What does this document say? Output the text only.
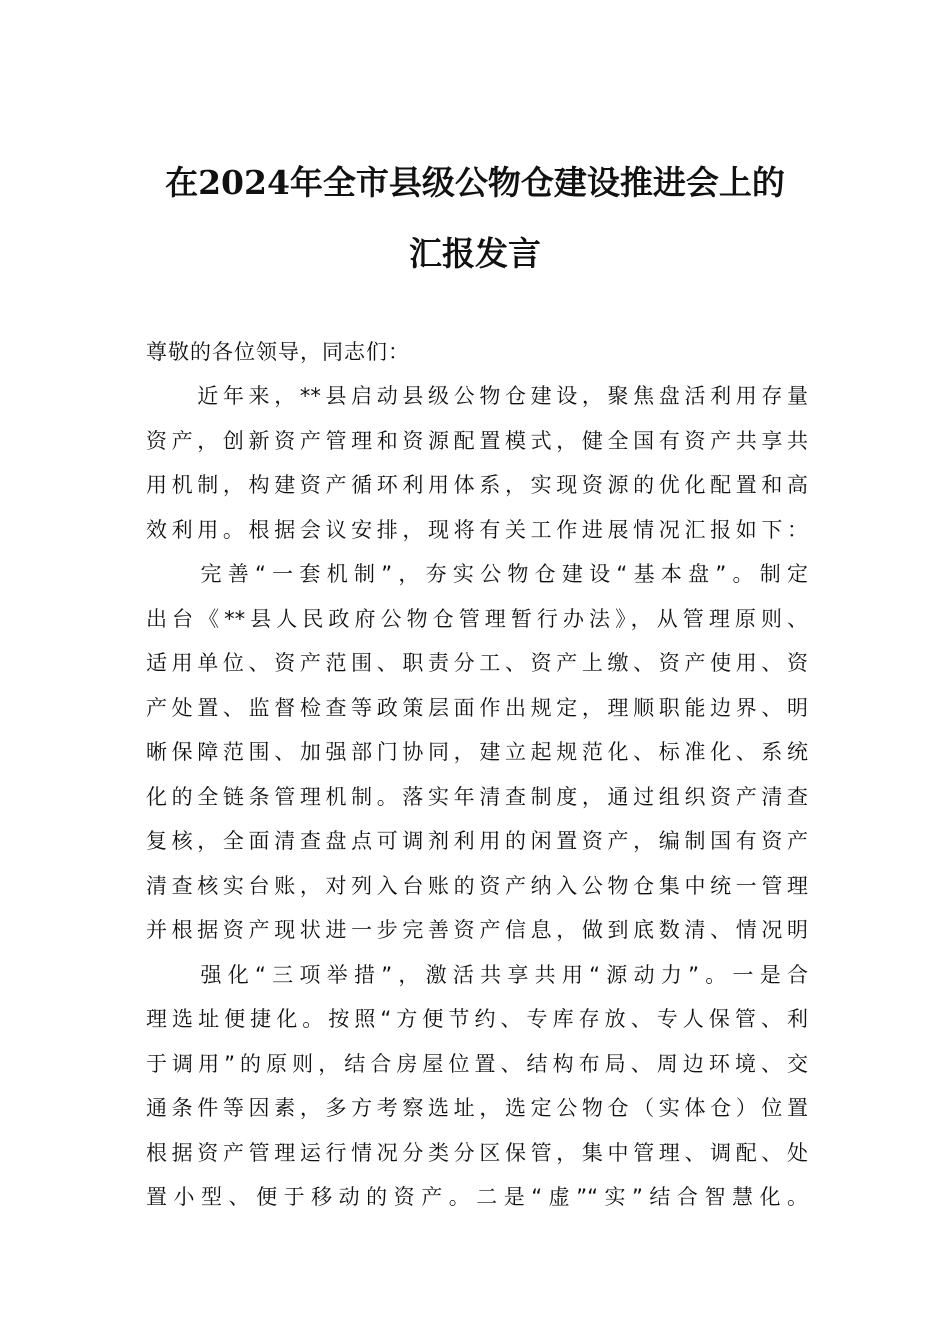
在2024年全市县级公物仓建设推进会上的
汇报发言
尊敬的各位领导，同志们：
　　近年来，**县启动县级公物仓建设，聚焦盘活利用存量
资产，创新资产管理和资源配置模式，健全国有资产共享共
用机制，构建资产循环利用体系，实现资源的优化配置和高
效利用。根据会议安排，现将有关工作进展情况汇报如下：
　　完善“一套机制”，夯实公物仓建设“基本盘”。制定
出台《**县人民政府公物仓管理暂行办法》，从管理原则、
适用单位、资产范围、职责分工、资产上缴、资产使用、资
产处置、监督检查等政策层面作出规定，理顺职能边界、明
晰保障范围、加强部门协同，建立起规范化、标准化、系统
化的全链条管理机制。落实年清查制度，通过组织资产清查
复核，全面清查盘点可调剂利用的闲置资产，编制国有资产
清查核实台账，对列入台账的资产纳入公物仓集中统一管理
并根据资产现状进一步完善资产信息，做到底数清、情况明
　　强化“三项举措”，激活共享共用“源动力”。一是合
理选址便捷化。按照“方便节约、专库存放、专人保管、利
于调用”的原则，结合房屋位置、结构布局、周边环境、交
通条件等因素，多方考察选址，选定公物仓（实体仓）位置
根据资产管理运行情况分类分区保管，集中管理、调配、处
置小型、便于移动的资产。二是“虚”“实”结合智慧化。
